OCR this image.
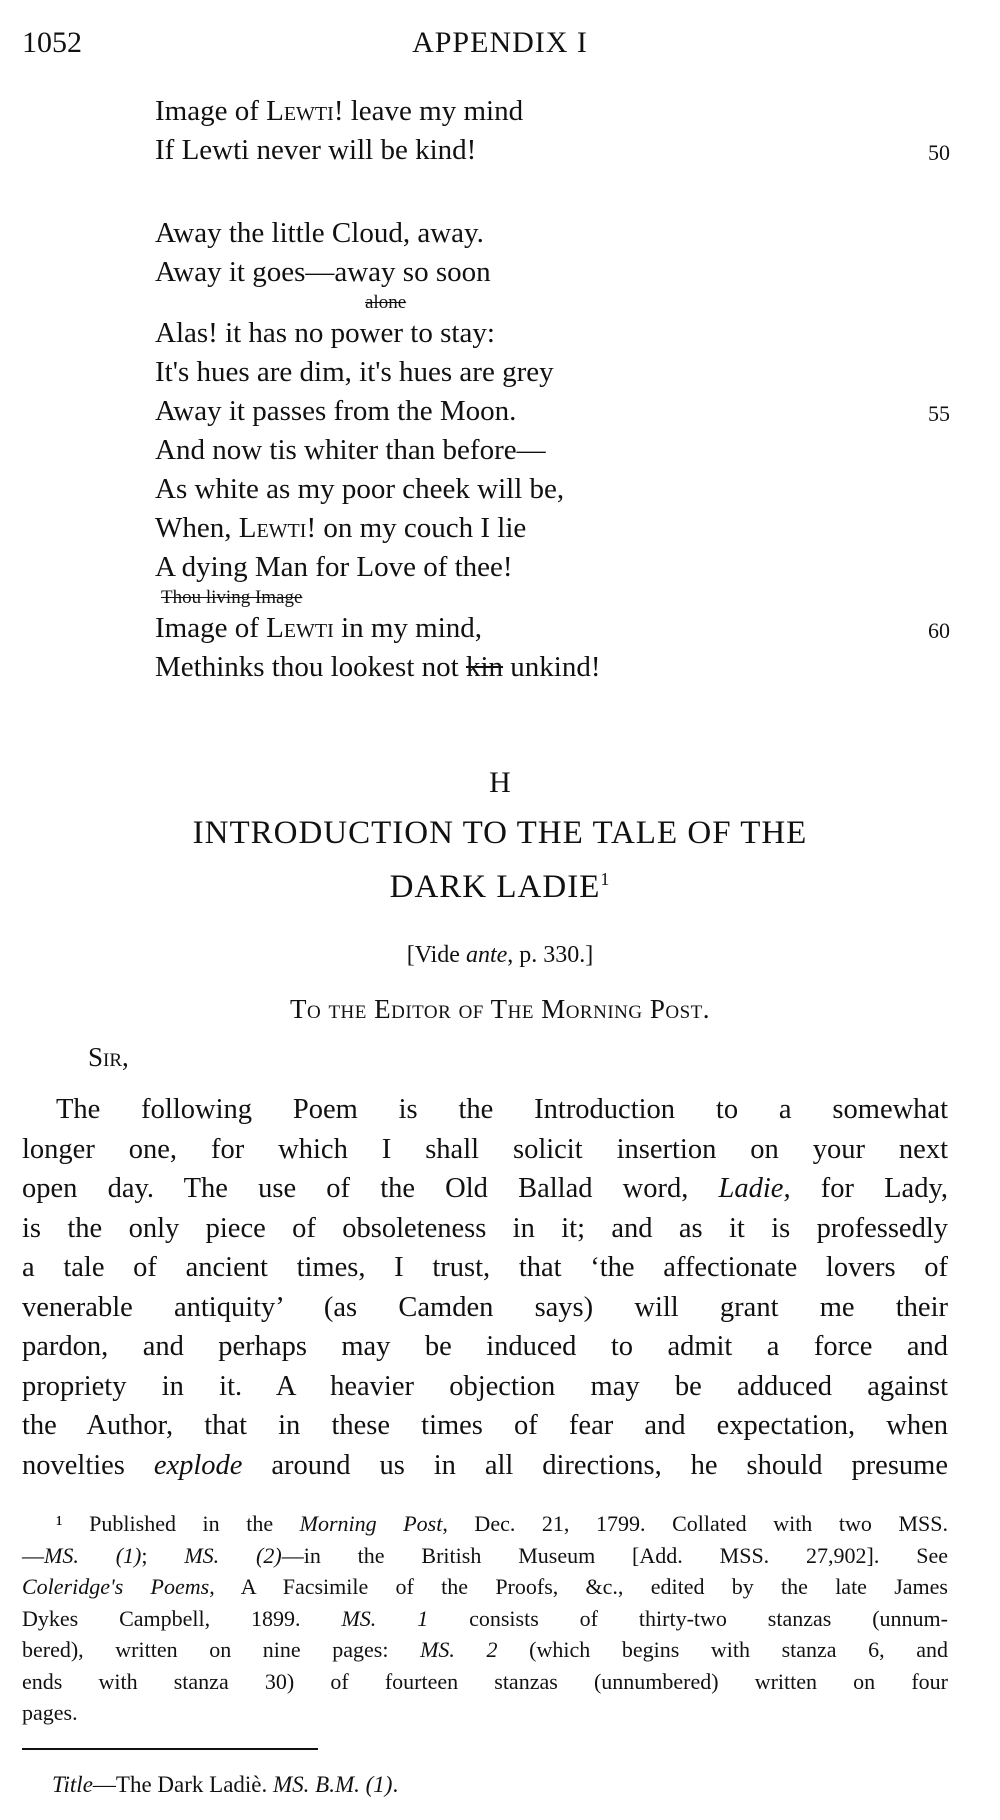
1052	APPENDIX I
Image of Lewti! leave my mind
If Lewti never will be kind!	50
Away the little Cloud, away.
Away it goes—away so soon
alone
Alas! it has no power to stay:
It's hues are dim, it's hues are grey
Away it passes from the Moon.	55
And now tis whiter than before—
As white as my poor cheek will be,
When, Lewti! on my couch I lie
A dying Man for Love of thee!
Thou living Image
Image of Lewti in my mind,	60
Methinks thou lookest not kin unkind!
H
INTRODUCTION TO THE TALE OF THE
DARK LADIE$^1$
[Vide ante, p. 330.]
To the Editor of The Morning Post.
Sir,
The following Poem is the Introduction to a somewhat
longer one, for which I shall solicit insertion on your next
open day. The use of the Old Ballad word, Ladie, for Lady,
is the only piece of obsoleteness in it; and as it is professedly
a tale of ancient times, I trust, that ‘the affectionate lovers of
venerable antiquity’ (as Camden says) will grant me their
pardon, and perhaps may be induced to admit a force and
propriety in it. A heavier objection may be adduced against
the Author, that in these times of fear and expectation, when
novelties explode around us in all directions, he should presume
¹ Published in the Morning Post, Dec. 21, 1799. Collated with two MSS.
—MS. (1); MS. (2)—in the British Museum [Add. MSS. 27,902]. See
Coleridge's Poems, A Facsimile of the Proofs, &c., edited by the late James
Dykes Campbell, 1899. MS. 1 consists of thirty-two stanzas (unnum-
bered), written on nine pages: MS. 2 (which begins with stanza 6, and
ends with stanza 30) of fourteen stanzas (unnumbered) written on four
pages.
Title—The Dark Ladiè. MS. B.M. (1).
